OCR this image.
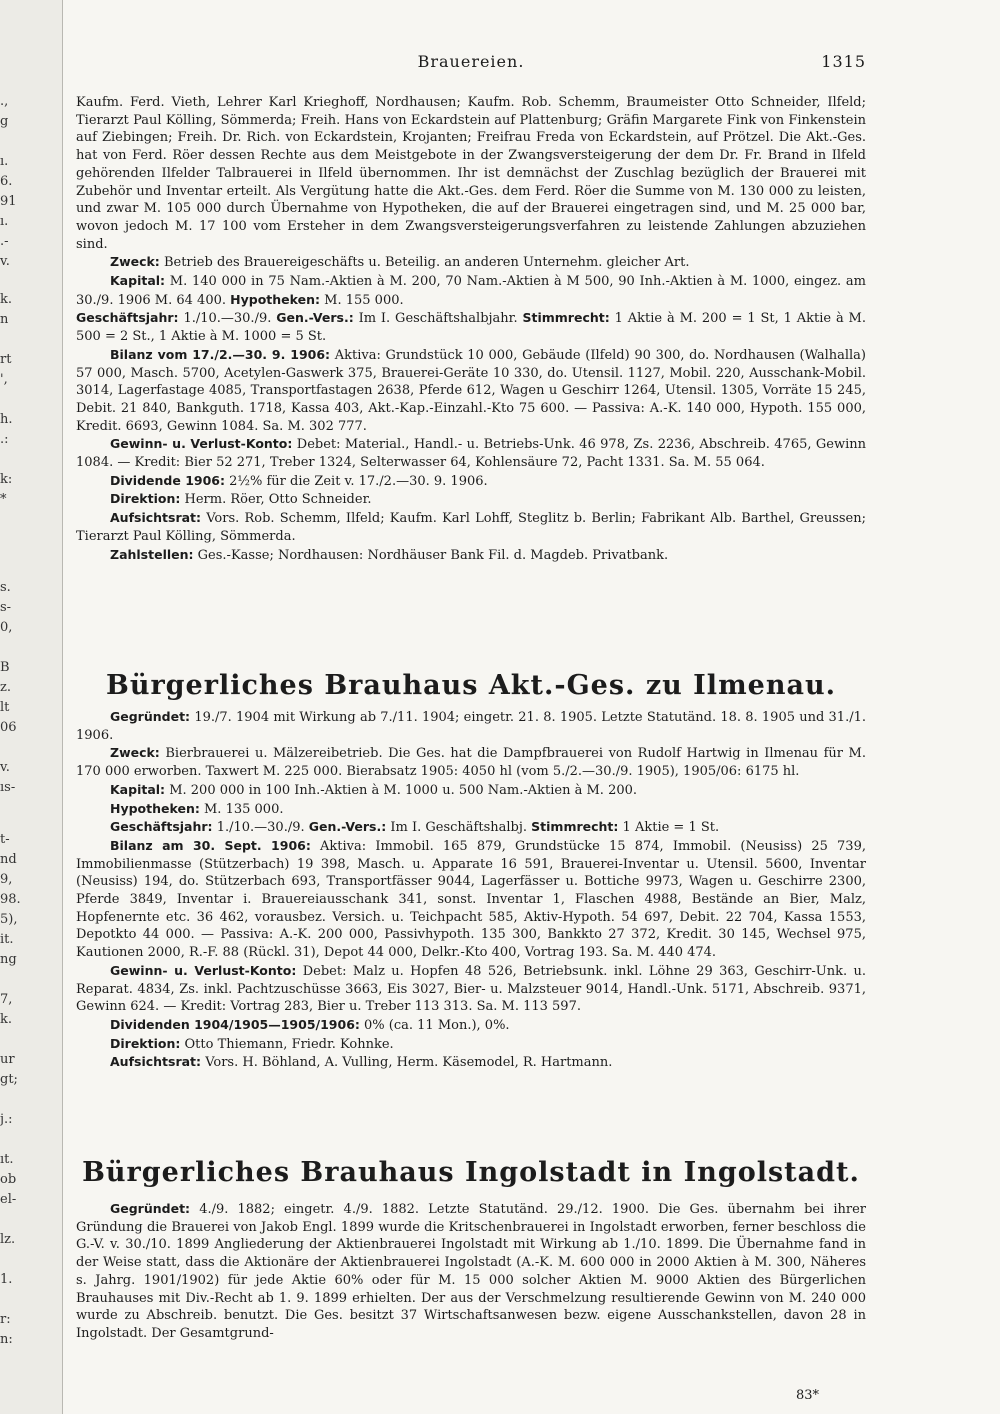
.,
g

ı.
6.
91
ı.
.-
v.
k.
n

rt
',

h.
.:

k:
*
s.
s-
0,

B
z.
lt
06

v.
ıs-
t-
nd
9,
98.
5),
it.
ng

7,
k.
ur
gt;

j.:

ıt.
ob
el-

lz.

1.

r:
n:
Brauereien.	1315

Kaufm. Ferd. Vieth, Lehrer Karl Krieghoff, Nordhausen; Kaufm. Rob. Schemm, Braumeister Otto Schneider, Ilfeld; Tierarzt Paul Kölling, Sömmerda; Freih. Hans von Eckardstein auf Plattenburg; Gräfin Margarete Fink von Finkenstein auf Ziebingen; Freih. Dr. Rich. von Eckardstein, Krojanten; Freifrau Freda von Eckardstein, auf Prötzel. Die Akt.-Ges. hat von Ferd. Röer dessen Rechte aus dem Meistgebote in der Zwangsversteigerung der dem Dr. Fr. Brand in Ilfeld gehörenden Ilfelder Talbrauerei in Ilfeld übernommen. Ihr ist demnächst der Zuschlag bezüglich der Brauerei mit Zubehör und Inventar erteilt. Als Vergütung hatte die Akt.-Ges. dem Ferd. Röer die Summe von M. 130 000 zu leisten, und zwar M. 105 000 durch Übernahme von Hypotheken, die auf der Brauerei eingetragen sind, und M. 25 000 bar, wovon jedoch M. 17 100 vom Ersteher in dem Zwangsversteigerungsverfahren zu leistende Zahlungen abzuziehen sind.

Zweck: Betrieb des Brauereigeschäfts u. Beteilig. an anderen Unternehm. gleicher Art.

Kapital: M. 140 000 in 75 Nam.-Aktien à M. 200, 70 Nam.-Aktien à M 500, 90 Inh.-Aktien à M. 1000, eingez. am 30./9. 1906 M. 64 400. Hypotheken: M. 155 000.

Geschäftsjahr: 1./10.—30./9. Gen.-Vers.: Im I. Geschäftshalbjahr. Stimmrecht: 1 Aktie à M. 200 = 1 St, 1 Aktie à M. 500 = 2 St., 1 Aktie à M. 1000 = 5 St.

Bilanz vom 17./2.—30. 9. 1906: Aktiva: Grundstück 10 000, Gebäude (Ilfeld) 90 300, do. Nordhausen (Walhalla) 57 000, Masch. 5700, Acetylen-Gaswerk 375, Brauerei-Geräte 10 330, do. Utensil. 1127, Mobil. 220, Ausschank-Mobil. 3014, Lagerfastage 4085, Transportfastagen 2638, Pferde 612, Wagen u Geschirr 1264, Utensil. 1305, Vorräte 15 245, Debit. 21 840, Bankguth. 1718, Kassa 403, Akt.-Kap.-Einzahl.-Kto 75 600. — Passiva: A.-K. 140 000, Hypoth. 155 000, Kredit. 6693, Gewinn 1084. Sa. M. 302 777.

Gewinn- u. Verlust-Konto: Debet: Material., Handl.- u. Betriebs-Unk. 46 978, Zs. 2236, Abschreib. 4765, Gewinn 1084. — Kredit: Bier 52 271, Treber 1324, Selterwasser 64, Kohlensäure 72, Pacht 1331. Sa. M. 55 064.

Dividende 1906: 2½% für die Zeit v. 17./2.—30. 9. 1906.

Direktion: Herm. Röer, Otto Schneider.

Aufsichtsrat: Vors. Rob. Schemm, Ilfeld; Kaufm. Karl Lohff, Steglitz b. Berlin; Fabrikant Alb. Barthel, Greussen; Tierarzt Paul Kölling, Sömmerda.

Zahlstellen: Ges.-Kasse; Nordhausen: Nordhäuser Bank Fil. d. Magdeb. Privatbank.

Bürgerliches Brauhaus Akt.-Ges. zu Ilmenau.

Gegründet: 19./7. 1904 mit Wirkung ab 7./11. 1904; eingetr. 21. 8. 1905. Letzte Statutänd. 18. 8. 1905 und 31./1. 1906.

Zweck: Bierbrauerei u. Mälzereibetrieb. Die Ges. hat die Dampfbrauerei von Rudolf Hartwig in Ilmenau für M. 170 000 erworben. Taxwert M. 225 000. Bierabsatz 1905: 4050 hl (vom 5./2.—30./9. 1905), 1905/06: 6175 hl.

Kapital: M. 200 000 in 100 Inh.-Aktien à M. 1000 u. 500 Nam.-Aktien à M. 200.

Hypotheken: M. 135 000.

Geschäftsjahr: 1./10.—30./9. Gen.-Vers.: Im I. Geschäftshalbj. Stimmrecht: 1 Aktie = 1 St.

Bilanz am 30. Sept. 1906: Aktiva: Immobil. 165 879, Grundstücke 15 874, Immobil. (Neusiss) 25 739, Immobilienmasse (Stützerbach) 19 398, Masch. u. Apparate 16 591, Brauerei-Inventar u. Utensil. 5600, Inventar (Neusiss) 194, do. Stützerbach 693, Transportfässer 9044, Lagerfässer u. Bottiche 9973, Wagen u. Geschirre 2300, Pferde 3849, Inventar i. Brauereiausschank 341, sonst. Inventar 1, Flaschen 4988, Bestände an Bier, Malz, Hopfenernte etc. 36 462, vorausbez. Versich. u. Teichpacht 585, Aktiv-Hypoth. 54 697, Debit. 22 704, Kassa 1553, Depotkto 44 000. — Passiva: A.-K. 200 000, Passivhypoth. 135 300, Bankkto 27 372, Kredit. 30 145, Wechsel 975, Kautionen 2000, R.-F. 88 (Rückl. 31), Depot 44 000, Delkr.-Kto 400, Vortrag 193. Sa. M. 440 474.

Gewinn- u. Verlust-Konto: Debet: Malz u. Hopfen 48 526, Betriebsunk. inkl. Löhne 29 363, Geschirr-Unk. u. Reparat. 4834, Zs. inkl. Pachtzuschüsse 3663, Eis 3027, Bier- u. Malzsteuer 9014, Handl.-Unk. 5171, Abschreib. 9371, Gewinn 624. — Kredit: Vortrag 283, Bier u. Treber 113 313. Sa. M. 113 597.

Dividenden 1904/1905—1905/1906: 0% (ca. 11 Mon.), 0%.

Direktion: Otto Thiemann, Friedr. Kohnke.

Aufsichtsrat: Vors. H. Böhland, A. Vulling, Herm. Käsemodel, R. Hartmann.

Bürgerliches Brauhaus Ingolstadt in Ingolstadt.

Gegründet: 4./9. 1882; eingetr. 4./9. 1882. Letzte Statutänd. 29./12. 1900. Die Ges. übernahm bei ihrer Gründung die Brauerei von Jakob Engl. 1899 wurde die Kritschenbrauerei in Ingolstadt erworben, ferner beschloss die G.-V. v. 30./10. 1899 Angliederung der Aktienbrauerei Ingolstadt mit Wirkung ab 1./10. 1899. Die Übernahme fand in der Weise statt, dass die Aktionäre der Aktienbrauerei Ingolstadt (A.-K. M. 600 000 in 2000 Aktien à M. 300, Näheres s. Jahrg. 1901/1902) für jede Aktie 60% oder für M. 15 000 solcher Aktien M. 9000 Aktien des Bürgerlichen Brauhauses mit Div.-Recht ab 1. 9. 1899 erhielten. Der aus der Verschmelzung resultierende Gewinn von M. 240 000 wurde zu Abschreib. benutzt. Die Ges. besitzt 37 Wirtschaftsanwesen bezw. eigene Ausschankstellen, davon 28 in Ingolstadt. Der Gesamtgrund-

83*
